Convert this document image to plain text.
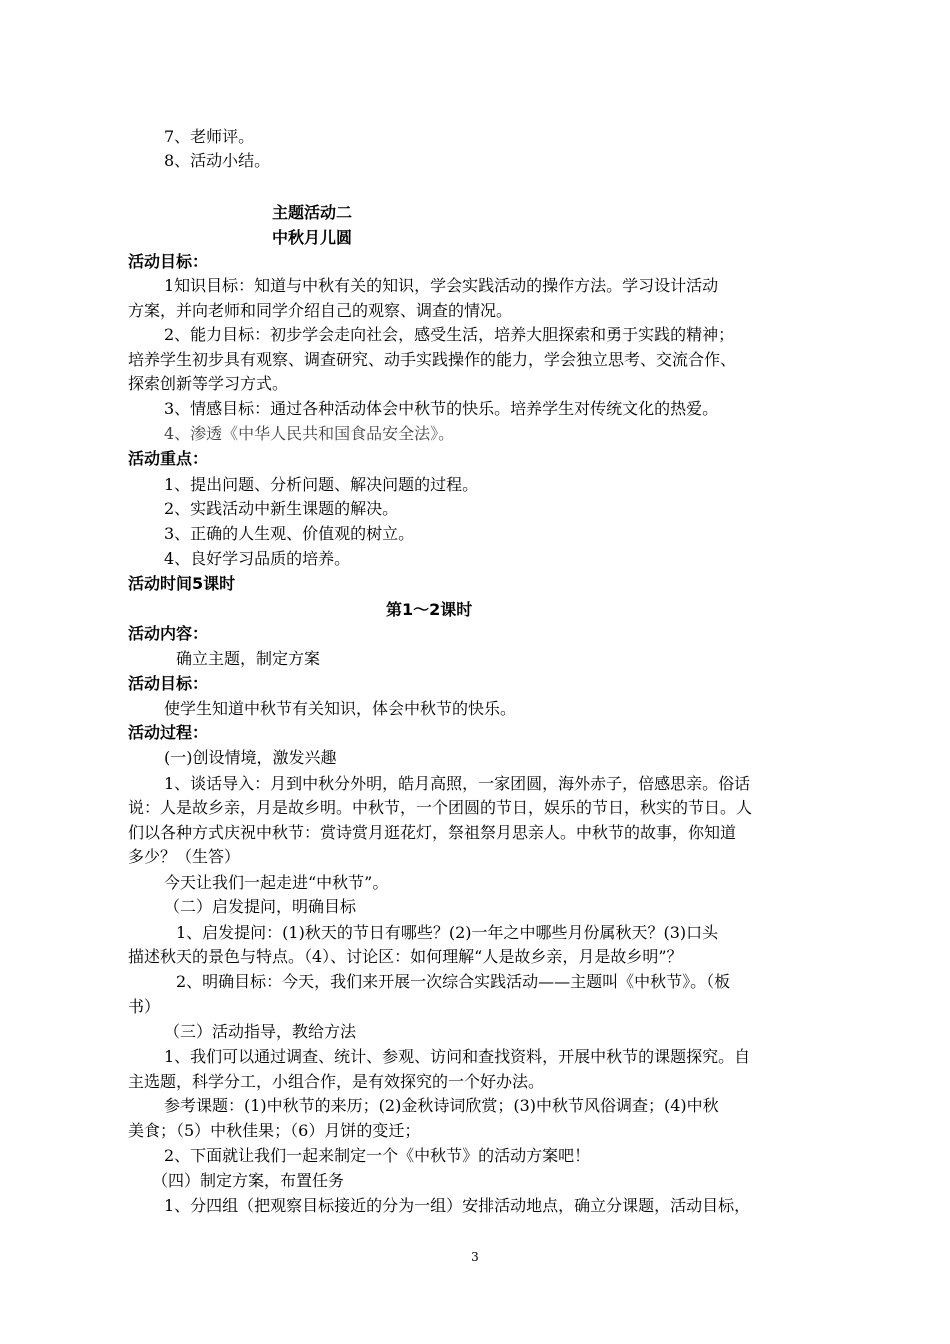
7、老师评。
8、活动小结。
主题活动二
中秋月儿圆
活动目标：
1知识目标：知道与中秋有关的知识，学会实践活动的操作方法。学习设计活动
方案，并向老师和同学介绍自己的观察、调查的情况。
2、能力目标：初步学会走向社会，感受生活，培养大胆探索和勇于实践的精神；
培养学生初步具有观察、调查研究、动手实践操作的能力，学会独立思考、交流合作、
探索创新等学习方式。
3、情感目标：通过各种活动体会中秋节的快乐。培养学生对传统文化的热爱。
4、渗透《中华人民共和国食品安全法》。
活动重点：
1、提出问题、分析问题、解决问题的过程。
2、实践活动中新生课题的解决。
3、正确的人生观、价值观的树立。
4、良好学习品质的培养。
活动时间5课时
第1～2课时
活动内容：
确立主题，制定方案
活动目标：
使学生知道中秋节有关知识，体会中秋节的快乐。
活动过程：
(一)创设情境，激发兴趣
1、谈话导入：月到中秋分外明，皓月高照，一家团圆，海外赤子，倍感思亲。俗话
说：人是故乡亲，月是故乡明。中秋节，一个团圆的节日，娱乐的节日，秋实的节日。人
们以各种方式庆祝中秋节：赏诗赏月逛花灯，祭祖祭月思亲人。中秋节的故事，你知道
多少？（生答）
今天让我们一起走进“中秋节”。
（二）启发提问，明确目标
1、启发提问：(1)秋天的节日有哪些？(2)一年之中哪些月份属秋天？(3)口头
描述秋天的景色与特点。（4）、讨论区：如何理解“人是故乡亲，月是故乡明”？
2、明确目标：今天，我们来开展一次综合实践活动——主题叫《中秋节》。（板
书）
（三）活动指导，教给方法
1、我们可以通过调查、统计、参观、访问和查找资料，开展中秋节的课题探究。自
主选题，科学分工，小组合作，是有效探究的一个好办法。
参考课题：(1)中秋节的来历；(2)金秋诗词欣赏；(3)中秋节风俗调查；(4)中秋
美食；（5）中秋佳果；（6）月饼的变迁；
2、下面就让我们一起来制定一个《中秋节》的活动方案吧！
（四）制定方案，布置任务
1、分四组（把观察目标接近的分为一组）安排活动地点，确立分课题，活动目标，
3
